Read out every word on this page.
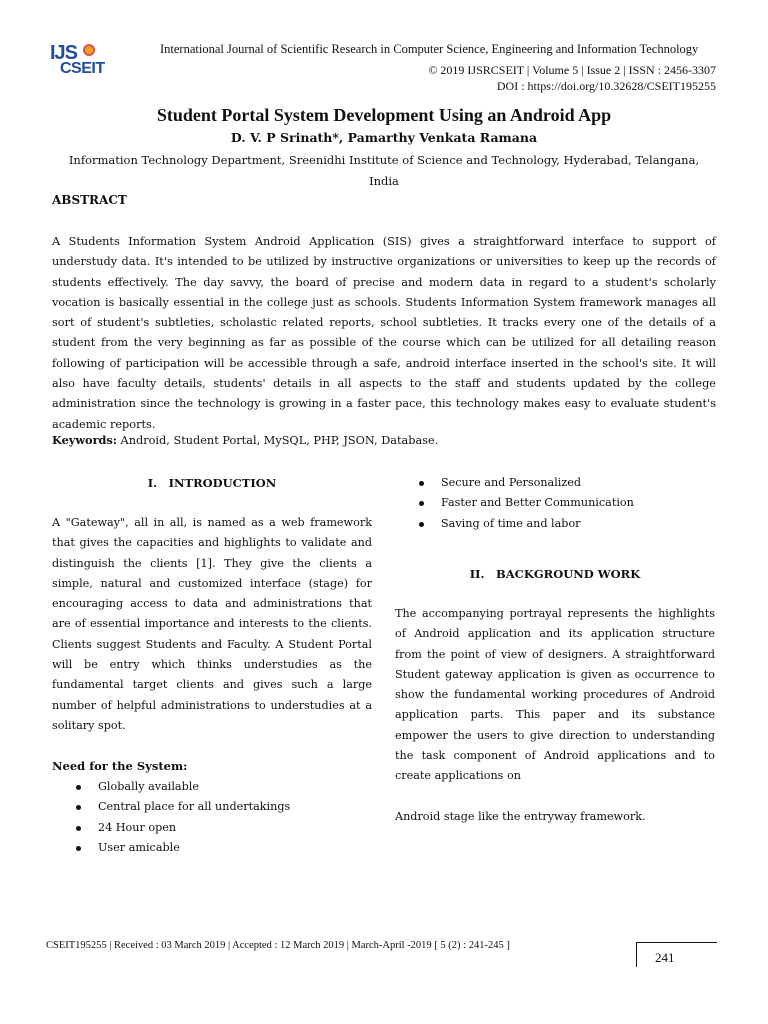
IJS
CSEIT
International Journal of Scientific Research in Computer Science, Engineering and Information Technology
© 2019 IJSRCSEIT | Volume 5 | Issue 2 | ISSN : 2456-3307
DOI : https://doi.org/10.32628/CSEIT195255
Student Portal System Development Using an Android App
D. V. P Srinath*, Pamarthy Venkata Ramana
Information Technology Department, Sreenidhi Institute of Science and Technology, Hyderabad, Telangana, India
ABSTRACT

A Students Information System Android Application (SIS) gives a straightforward interface to support of understudy data. It's intended to be utilized by instructive organizations or universities to keep up the records of students effectively. The day savvy, the board of precise and modern data in regard to a student's scholarly vocation is basically essential in the college just as schools. Students Information System framework manages all sort of student's subtleties, scholastic related reports, school subtleties. It tracks every one of the details of a student from the very beginning as far as possible of the course which can be utilized for all detailing reason following of participation will be accessible through a safe, android interface inserted in the school's site. It will also have faculty details, students' details in all aspects to the staff and students updated by the college administration since the technology is growing in a faster pace, this technology makes easy to evaluate student's academic reports.

Keywords: Android, Student Portal, MySQL, PHP, JSON, Database.
I. INTRODUCTION

A "Gateway", all in all, is named as a web framework that gives the capacities and highlights to validate and distinguish the clients [1]. They give the clients a simple, natural and customized interface (stage) for encouraging access to data and administrations that are of essential importance and interests to the clients. Clients suggest Students and Faculty. A Student Portal will be entry which thinks understudies as the fundamental target clients and gives such a large number of helpful administrations to understudies at a solitary spot.

Need for the System:
Globally available
Central place for all undertakings
24 Hour open
User amicable
Secure and Personalized
Faster and Better Communication
Saving of time and labor
II. BACKGROUND WORK

The accompanying portrayal represents the highlights of Android application and its application structure from the point of view of designers. A straightforward Student gateway application is given as occurrence to show the fundamental working procedures of Android application parts. This paper and its substance empower the users to give direction to understanding the task component of Android applications and to create applications on

Android stage like the entryway framework.

CSEIT195255 | Received : 03 March 2019 | Accepted : 12 March 2019 | March-April -2019 [ 5 (2) : 241-245 ]
241
